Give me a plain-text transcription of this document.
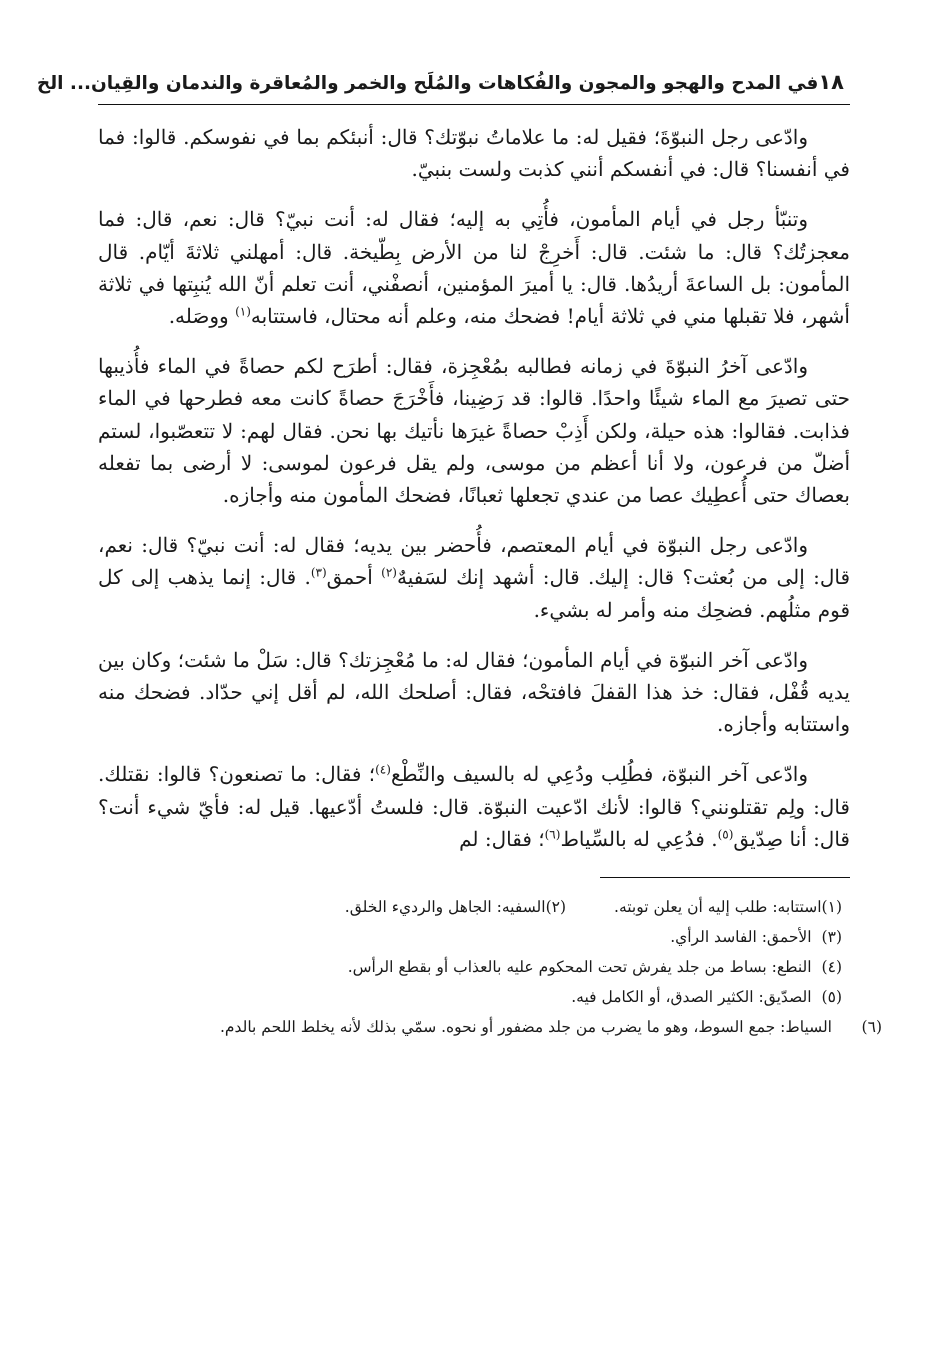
١٨
في المدح والهجو والمجون والفُكاهات والمُلَح والخمر والمُعاقرة والندمان والقِيان... الخ

وادّعى رجل النبوّةَ؛ فقيل له: ما علاماتُ نبوّتك؟ قال: أنبئكم بما في نفوسكم. قالوا: فما في أنفسنا؟ قال: في أنفسكم أنني كذبت ولست بنبيّ.

وتنبّأ رجل في أيام المأمون، فأُتِي به إليه؛ فقال له: أنت نبيّ؟ قال: نعم، قال: فما معجزتُك؟ قال: ما شئت. قال: أَخرِجْ لنا من الأرض بِطّيخة. قال: أمهلني ثلاثةَ أيّام. قال المأمون: بل الساعةَ أريدُها. قال: يا أميرَ المؤمنين، أنصفْني، أنت تعلم أنّ الله يُنبِتها في ثلاثة أشهر، فلا تقبلها مني في ثلاثة أيام! فضحك منه، وعلم أنه محتال، فاستتابه$^{(١)}$ ووصَله.

وادّعى آخرُ النبوّةَ في زمانه فطالبه بمُعْجِزة، فقال: أطرَح لكم حصاةً في الماء فأُذيبها حتى تصيرَ مع الماء شيئًا واحدًا. قالوا: قد رَضِينا، فأَخْرَجَ حصاةً كانت معه فطرحها في الماء فذابت. فقالوا: هذه حيلة، ولكن أَذِبْ حصاةً غيرَها نأتيك بها نحن. فقال لهم: لا تتعصّبوا، لستم أضلّ من فرعون، ولا أنا أعظم من موسى، ولم يقل فرعون لموسى: لا أرضى بما تفعله بعصاك حتى أُعطِيك عصا من عندي تجعلها ثعبانًا، فضحك المأمون منه وأجازه.

وادّعى رجل النبوّة في أيام المعتصم، فأُحضر بين يديه؛ فقال له: أنت نبيّ؟ قال: نعم، قال: إلى من بُعثت؟ قال: إليك. قال: أشهد إنك لسَفيهٌ$^{(٢)}$ أحمق$^{(٣)}$. قال: إنما يذهب إلى كل قوم مثلُهم. فضحِك منه وأمر له بشيء.

وادّعى آخر النبوّة في أيام المأمون؛ فقال له: ما مُعْجِزتك؟ قال: سَلْ ما شئت؛ وكان بين يديه قُفْل، فقال: خذ هذا القفلَ فافتحْه، فقال: أصلحك الله، لم أقل إني حدّاد. فضحك منه واستتابه وأجازه.

وادّعى آخر النبوّة، فطُلِب ودُعِي له بالسيف والنِّطْع$^{(٤)}$؛ فقال: ما تصنعون؟ قالوا: نقتلك. قال: ولِم تقتلونني؟ قالوا: لأنك ادّعيت النبوّة. قال: فلستُ أدّعيها. قيل له: فأيّ شيء أنت؟ قال: أنا صِدّيق$^{(٥)}$. فدُعِي له بالسِّياط$^{(٦)}$؛ فقال: لم

(١)استتابه: طلب إليه أن يعلن توبته.
(٢)السفيه: الجاهل والرديء الخلق.
(٣)الأحمق: الفاسد الرأي.
(٤)النطع: بساط من جلد يفرش تحت المحكوم عليه بالعذاب أو بقطع الرأس.
(٥)الصدّيق: الكثير الصدق، أو الكامل فيه.
(٦)السياط: جمع السوط، وهو ما يضرب من جلد مضفور أو نحوه. سمّي بذلك لأنه يخلط اللحم بالدم.
